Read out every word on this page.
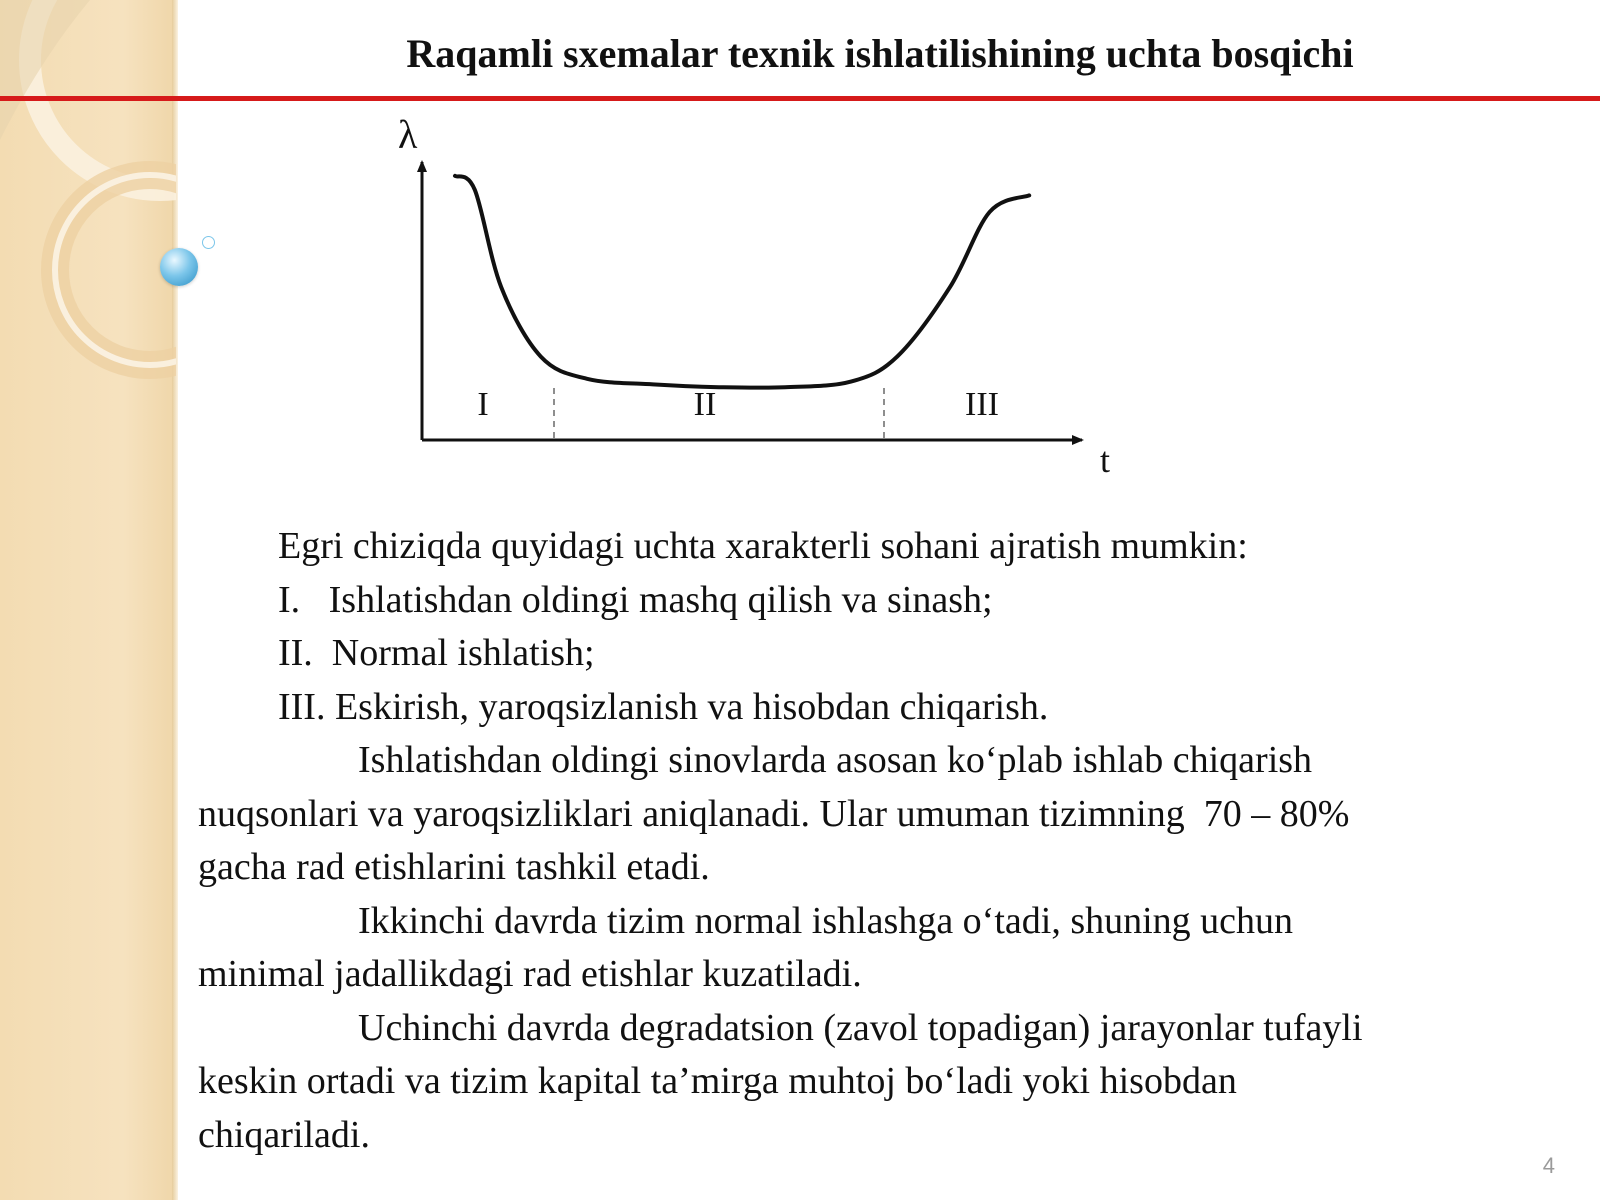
Raqamli sxemalar texnik ishlatilishining uchta bosqichi
λ
t
I	II	III
Egri chiziqda quyidagi uchta xarakterli sohani ajratish mumkin:
I.   Ishlatishdan oldingi mashq qilish va sinash;
II.  Normal ishlatish;
III. Eskirish, yaroqsizlanish va hisobdan chiqarish.
Ishlatishdan oldingi sinovlarda asosan ko‘plab ishlab chiqarish
nuqsonlari va yaroqsizliklari aniqlanadi. Ular umuman tizimning  70 – 80%
gacha rad etishlarini tashkil etadi.
Ikkinchi davrda tizim normal ishlashga o‘tadi, shuning uchun
minimal jadallikdagi rad etishlar kuzatiladi.
Uchinchi davrda degradatsion (zavol topadigan) jarayonlar tufayli
keskin ortadi va tizim kapital ta’mirga muhtoj bo‘ladi yoki hisobdan
chiqariladi.
4
